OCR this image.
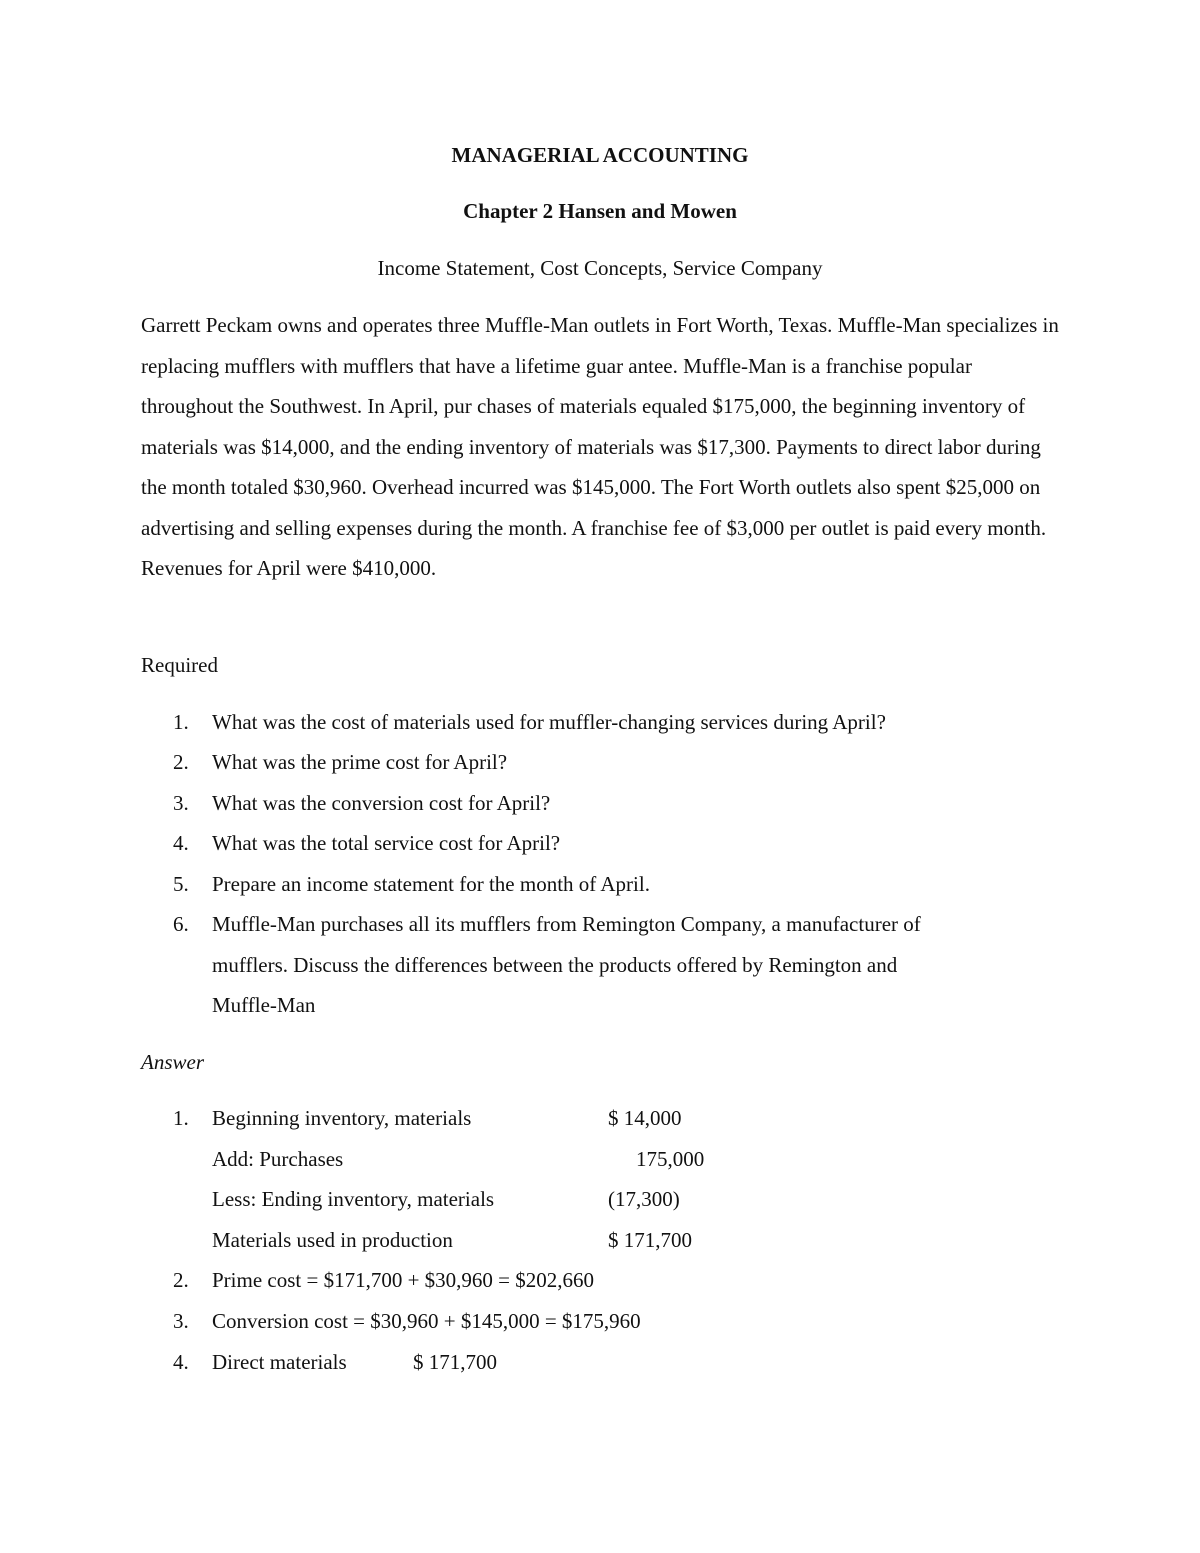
MANAGERIAL ACCOUNTING
Chapter 2 Hansen and Mowen
Income Statement, Cost Concepts, Service Company

Garrett Peckam owns and operates three Muffle-Man outlets in Fort Worth, Texas. Muffle-Man specializes in replacing mufflers with mufflers that have a lifetime guar antee. Muffle-Man is a franchise popular throughout the Southwest. In April, pur chases of materials equaled $175,000, the beginning inventory of materials was $14,000, and the ending inventory of materials was $17,300. Payments to direct labor during the month totaled $30,960. Overhead incurred was $145,000. The Fort Worth outlets also spent $25,000 on advertising and selling expenses during the month. A franchise fee of $3,000 per outlet is paid every month. Revenues for April were $410,000.

Required
1. What was the cost of materials used for muffler-changing services during April?
2. What was the prime cost for April?
3. What was the conversion cost for April?
4. What was the total service cost for April?
5. Prepare an income statement for the month of April.
6. Muffle-Man purchases all its mufflers from Remington Company, a manufacturer of
mufflers. Discuss the differences between the products offered by Remington and
Muffle-Man
Answer
1. Beginning inventory, materials	$ 14,000
Add: Purchases	175,000
Less: Ending inventory, materials	(17,300)
Materials used in production	$ 171,700
2. Prime cost = $171,700 + $30,960 = $202,660
3. Conversion cost = $30,960 + $145,000 = $175,960
4. Direct materials	$ 171,700
